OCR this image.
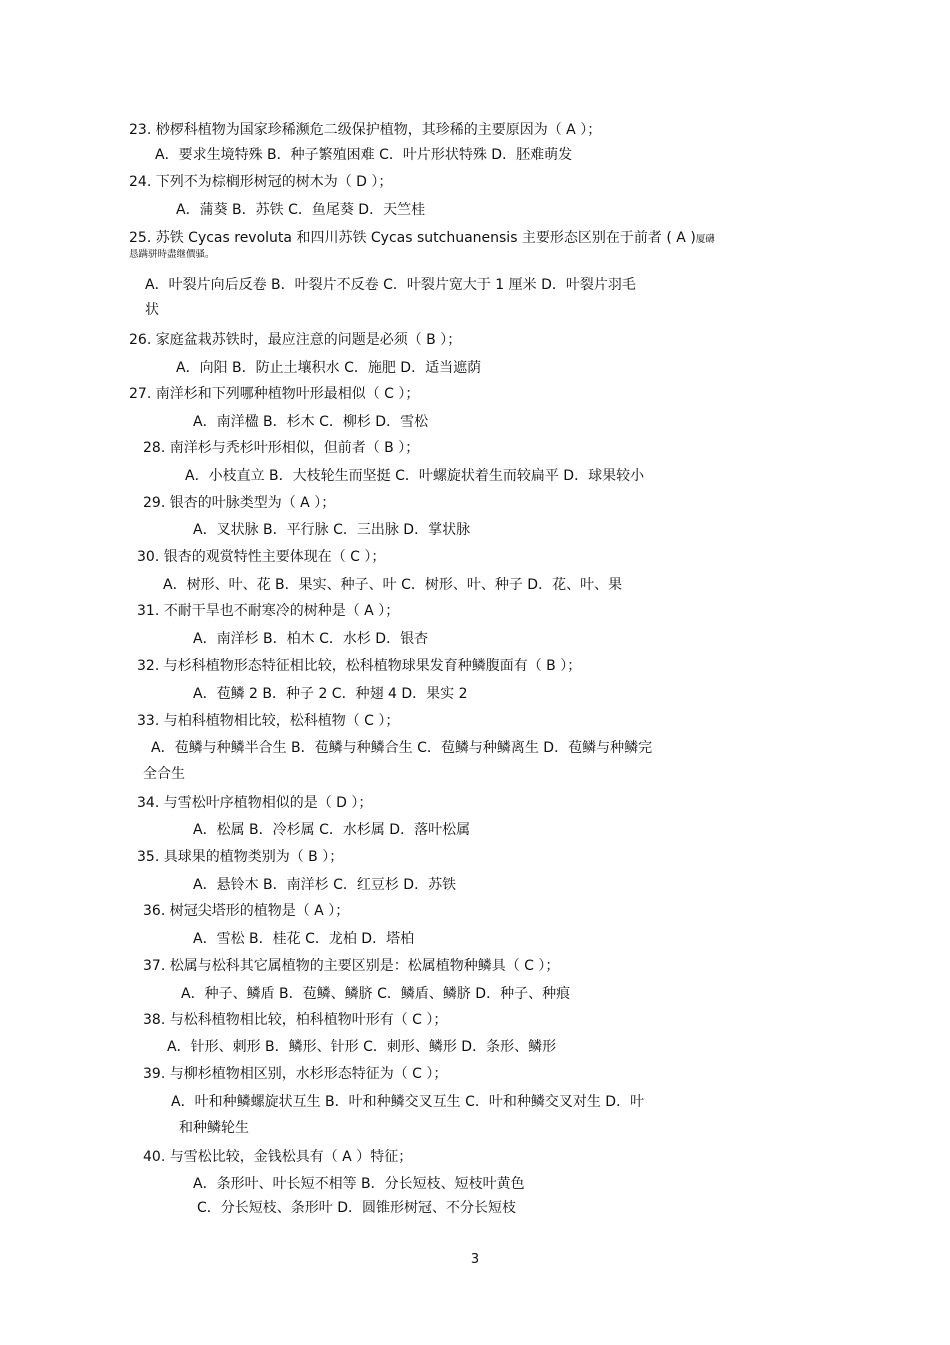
23. 桫椤科植物为国家珍稀濒危二级保护植物，其珍稀的主要原因为（ A ）；
A．要求生境特殊 B．种子繁殖困难 C．叶片形状特殊 D．胚难萌发
24. 下列不为棕榈形树冠的树木为（ D ）；
A．蒲葵 B．苏铁 C．鱼尾葵 D．天竺桂
25. 苏铁 Cycas revoluta 和四川苏铁 Cycas sutchuanensis 主要形态区别在于前者 ( A )$^{厦礴}$
恳蹒骈時盡继價骚。
A．叶裂片向后反卷 B．叶裂片不反卷 C．叶裂片宽大于 1 厘米 D．叶裂片羽毛
状
26. 家庭盆栽苏铁时，最应注意的问题是必须（ B ）；
A．向阳 B．防止土壤积水 C．施肥 D．适当遮荫
27. 南洋杉和下列哪种植物叶形最相似（ C ）；
A．南洋楹 B．杉木 C．柳杉 D．雪松
28. 南洋杉与秃杉叶形相似，但前者（ B ）；
A．小枝直立 B．大枝轮生而坚挺 C．叶螺旋状着生而较扁平 D．球果较小
29. 银杏的叶脉类型为（ A ）；
A．叉状脉 B．平行脉 C．三出脉 D．掌状脉
30. 银杏的观赏特性主要体现在（ C ）；
A．树形、叶、花 B．果实、种子、叶 C．树形、叶、种子 D．花、叶、果
31. 不耐干旱也不耐寒冷的树种是（ A ）；
A．南洋杉 B．柏木 C．水杉 D．银杏
32. 与杉科植物形态特征相比较，松科植物球果发育种鳞腹面有（ B ）；
A．苞鳞 2 B．种子 2 C．种翅 4 D．果实 2
33. 与柏科植物相比较，松科植物（ C ）；
A．苞鳞与种鳞半合生 B．苞鳞与种鳞合生 C．苞鳞与种鳞离生 D．苞鳞与种鳞完
全合生
34. 与雪松叶序植物相似的是（ D ）；
A．松属 B．冷杉属 C．水杉属 D．落叶松属
35. 具球果的植物类别为（ B ）；
A．悬铃木 B．南洋杉 C．红豆杉 D．苏铁
36. 树冠尖塔形的植物是（ A ）；
A．雪松 B．桂花 C．龙柏 D．塔柏
37. 松属与松科其它属植物的主要区别是：松属植物种鳞具（ C ）；
A．种子、鳞盾 B．苞鳞、鳞脐 C．鳞盾、鳞脐 D．种子、种痕
38. 与松科植物相比较，柏科植物叶形有（ C ）；
A．针形、刺形 B．鳞形、针形 C．刺形、鳞形 D．条形、鳞形
39. 与柳杉植物相区别，水杉形态特征为（ C ）；
A．叶和种鳞螺旋状互生 B．叶和种鳞交叉互生 C．叶和种鳞交叉对生 D．叶
和种鳞轮生
40. 与雪松比较，金钱松具有（ A ）特征；
A．条形叶、叶长短不相等 B．分长短枝、短枝叶黄色
C．分长短枝、条形叶 D．圆锥形树冠、不分长短枝
3
